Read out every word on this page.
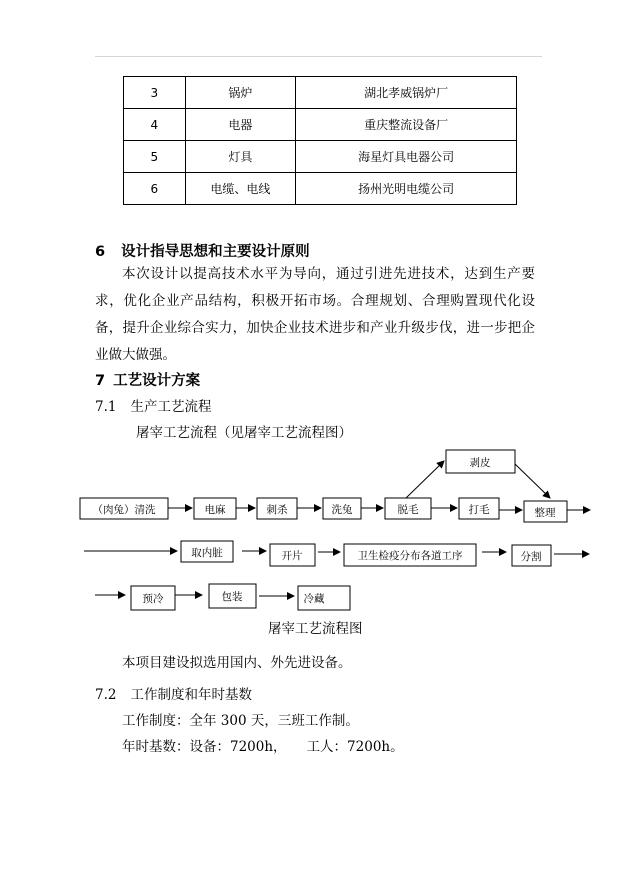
3	锅炉	湖北孝威锅炉厂
4	电器	重庆整流设备厂
5	灯具	海星灯具电器公司
6	电缆、电线	扬州光明电缆公司
6 设计指导思想和主要设计原则

本次设计以提高技术水平为导向，通过引进先进技术，达到生产要求，优化企业产品结构，积极开拓市场。合理规划、合理购置现代化设备，提升企业综合实力，加快企业技术进步和产业升级步伐，进一步把企业做大做强。

7 工艺设计方案
7.1 生产工艺流程
屠宰工艺流程（见屠宰工艺流程图）
（肉兔）清洗	电麻	刺杀	洗兔	脱毛	打毛	整理
剥皮
取内脏	开片	卫生检疫分布各道工序	分割
预冷	包装	冷藏
屠宰工艺流程图
本项目建设拟选用国内、外先进设备。
7.2 工作制度和年时基数
工作制度：全年 300 天，三班工作制。
年时基数：设备：7200h， 工人：7200h。
